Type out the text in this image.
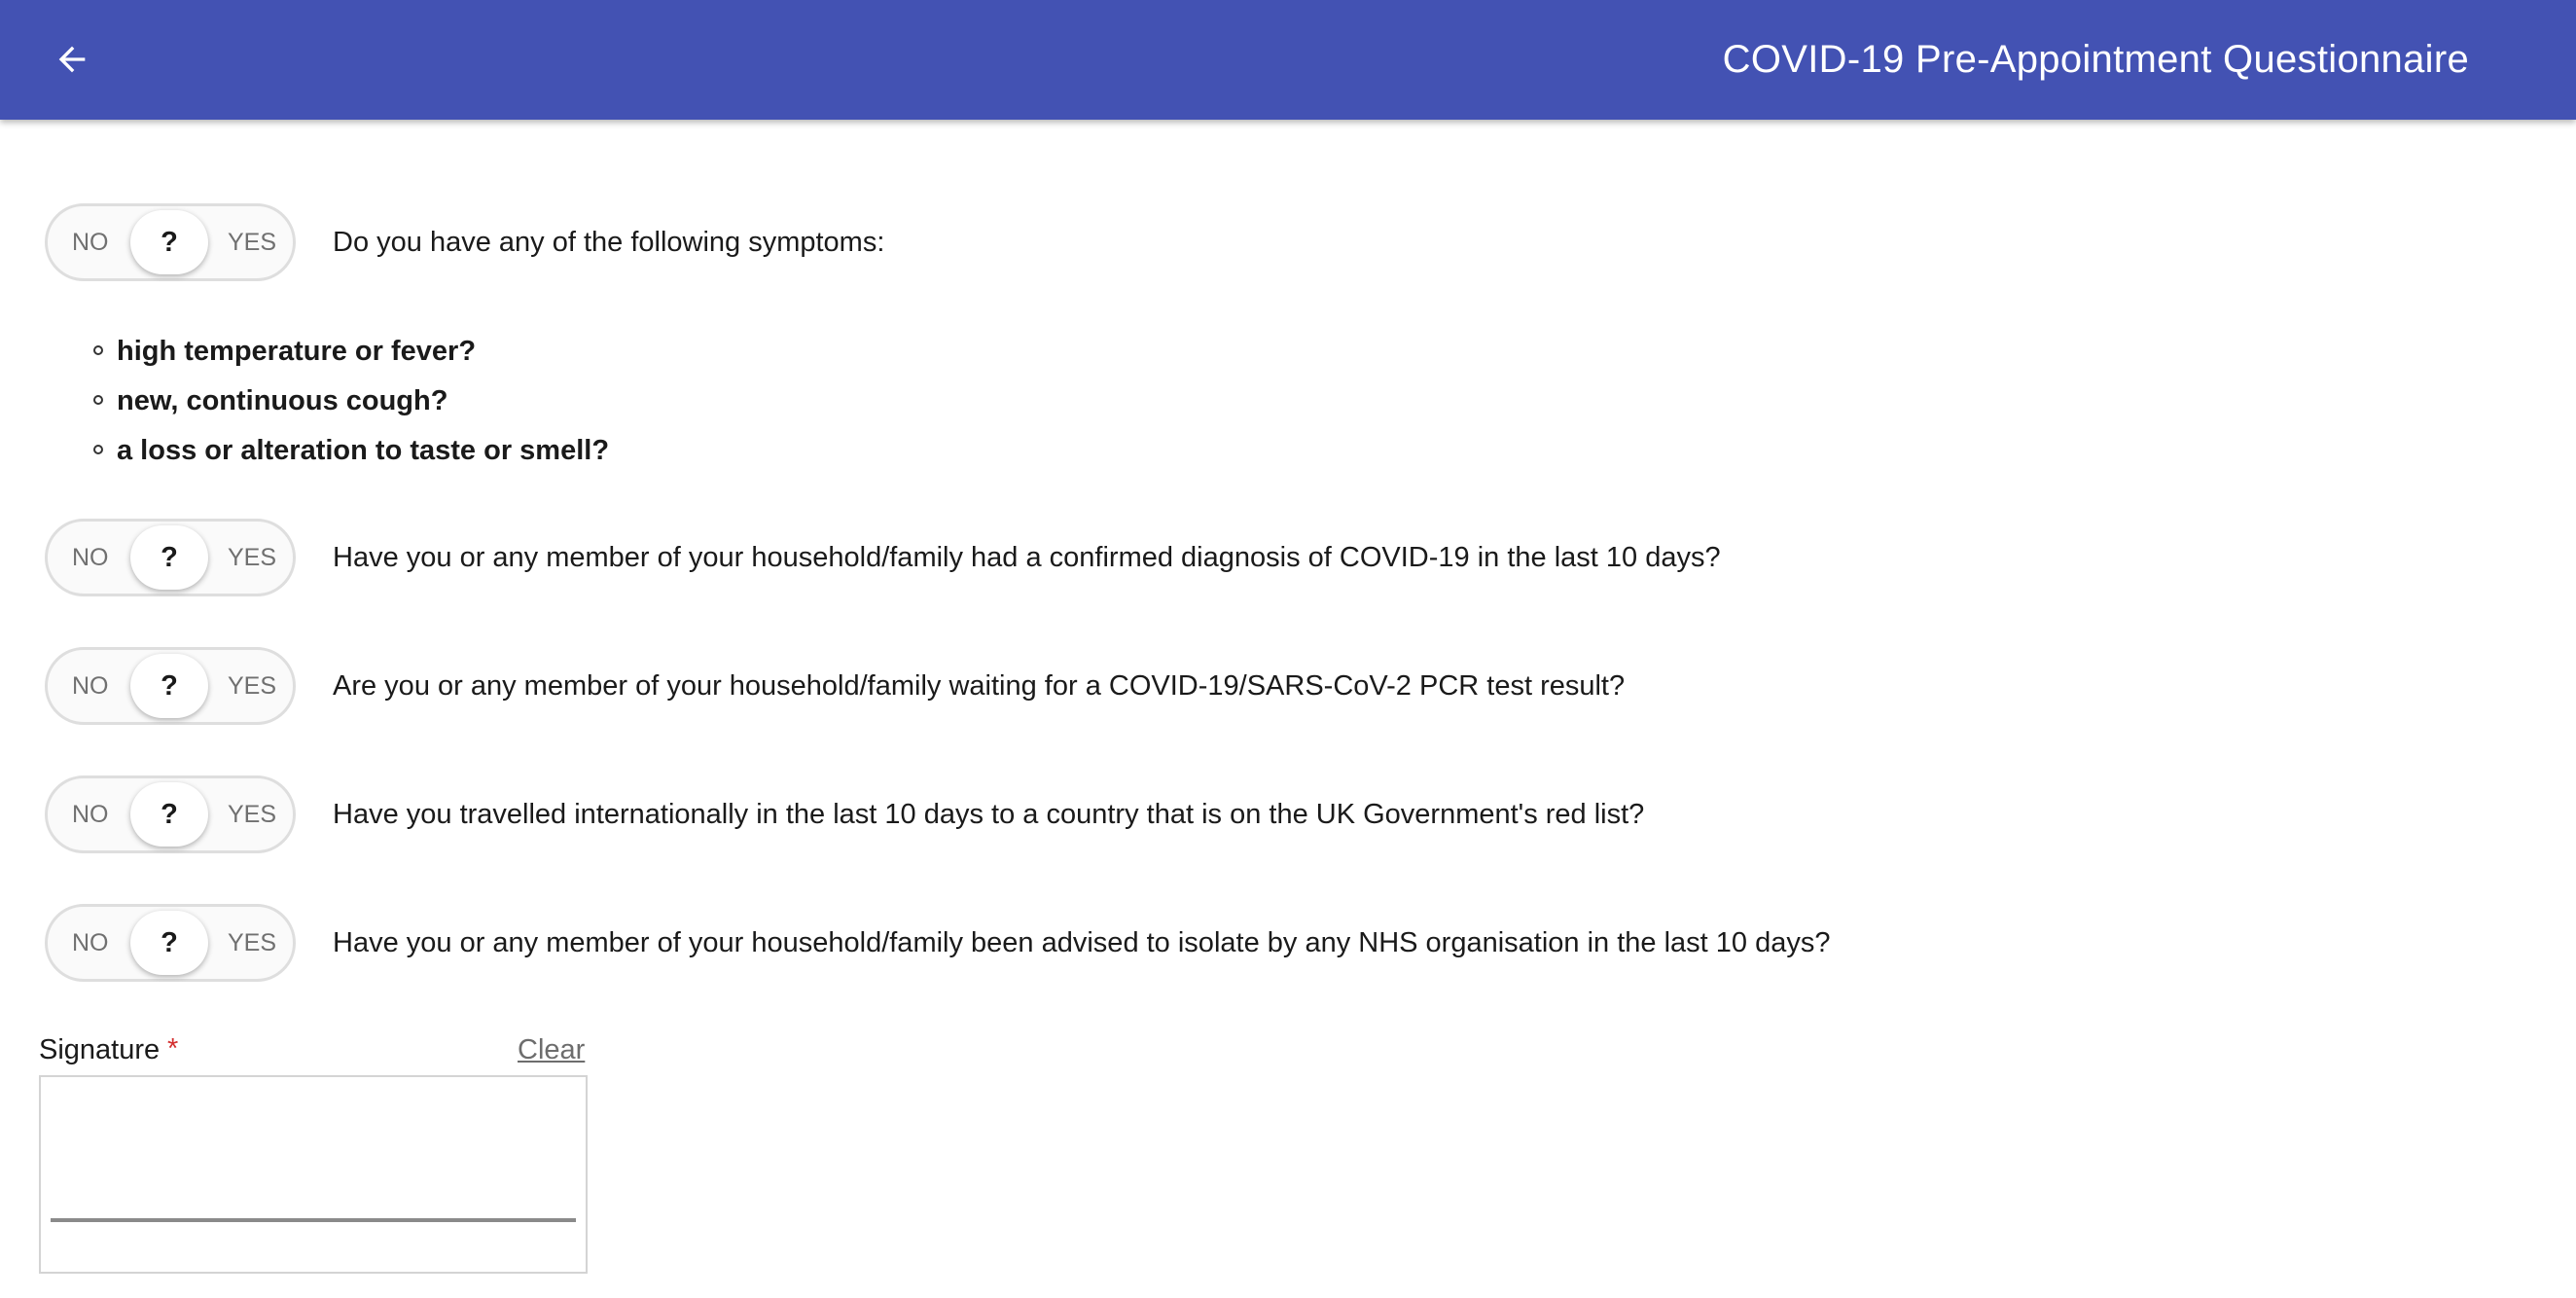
COVID-19 Pre-Appointment Questionnaire
NO	?	YES Do you have any of the following symptoms:
high temperature or fever?
new, continuous cough?
a loss or alteration to taste or smell?
NO	?	YES Have you or any member of your household/family had a confirmed diagnosis of COVID-19 in the last 10 days?
NO	?	YES Are you or any member of your household/family waiting for a COVID-19/SARS-CoV-2 PCR test result?
NO	?	YES Have you travelled internationally in the last 10 days to a country that is on the UK Government's red list?
NO	?	YES Have you or any member of your household/family been advised to isolate by any NHS organisation in the last 10 days?
Signature *	Clear
